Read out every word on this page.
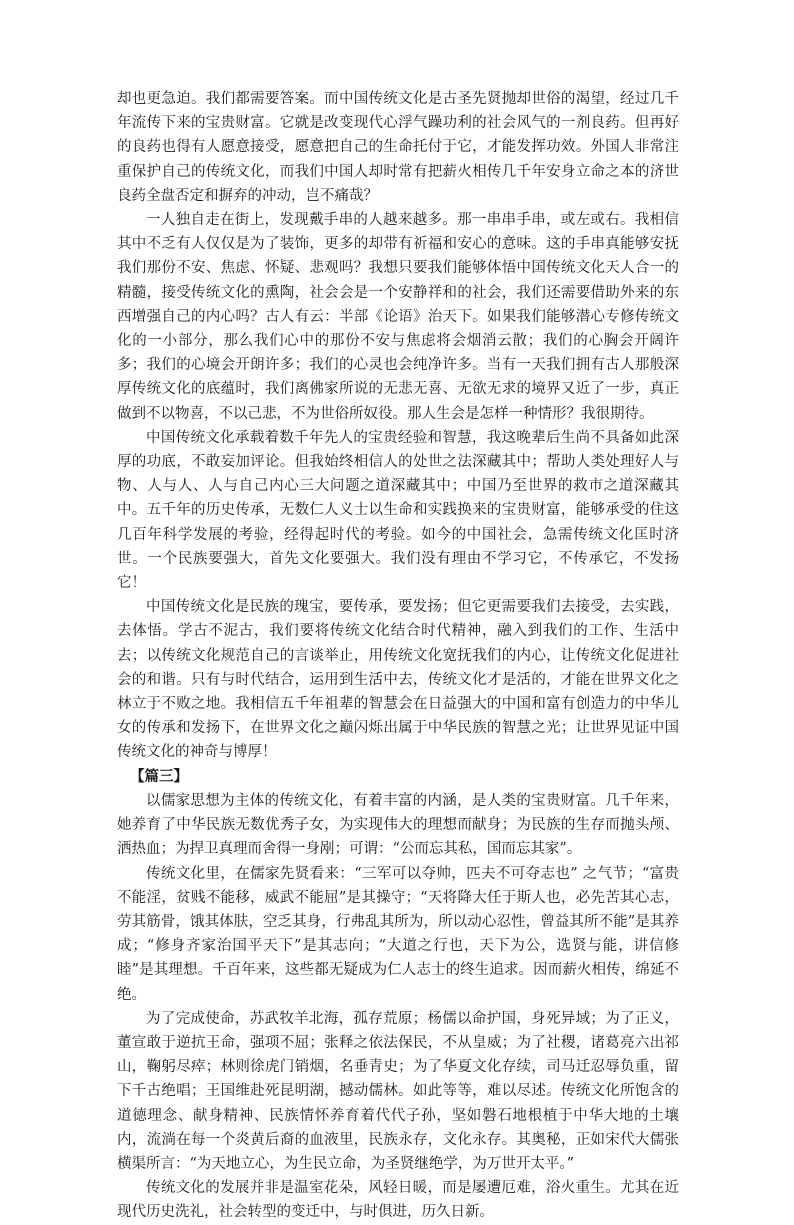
却也更急迫。我们都需要答案。而中国传统文化是古圣先贤抛却世俗的渴望，经过几千年流传下来的宝贵财富。它就是改变现代心浮气躁功利的社会风气的一剂良药。但再好的良药也得有人愿意接受，愿意把自己的生命托付于它，才能发挥功效。外国人非常注重保护自己的传统文化，而我们中国人却时常有把薪火相传几千年安身立命之本的济世良药全盘否定和摒弃的冲动，岂不痛哉？

一人独自走在街上，发现戴手串的人越来越多。那一串串手串，或左或右。我相信其中不乏有人仅仅是为了装饰，更多的却带有祈福和安心的意味。这的手串真能够安抚我们那份不安、焦虑、怀疑、悲观吗？我想只要我们能够体悟中国传统文化天人合一的精髓，接受传统文化的熏陶，社会会是一个安静祥和的社会，我们还需要借助外来的东西增强自己的内心吗？古人有云：半部《论语》治天下。如果我们能够潜心专修传统文化的一小部分，那么我们心中的那份不安与焦虑将会烟消云散；我们的心胸会开阔许多；我们的心境会开朗许多；我们的心灵也会纯净许多。当有一天我们拥有古人那般深厚传统文化的底蕴时，我们离佛家所说的无悲无喜、无欲无求的境界又近了一步，真正做到不以物喜，不以己悲，不为世俗所奴役。那人生会是怎样一种情形？我很期待。

中国传统文化承载着数千年先人的宝贵经验和智慧，我这晚辈后生尚不具备如此深厚的功底，不敢妄加评论。但我始终相信人的处世之法深藏其中；帮助人类处理好人与物、人与人、人与自己内心三大问题之道深藏其中；中国乃至世界的救市之道深藏其中。五千年的历史传承，无数仁人义士以生命和实践换来的宝贵财富，能够承受的住这几百年科学发展的考验，经得起时代的考验。如今的中国社会，急需传统文化匡时济世。一个民族要强大，首先文化要强大。我们没有理由不学习它，不传承它，不发扬它！

中国传统文化是民族的瑰宝，要传承，要发扬；但它更需要我们去接受，去实践，去体悟。学古不泥古，我们要将传统文化结合时代精神，融入到我们的工作、生活中去；以传统文化规范自己的言谈举止，用传统文化宽抚我们的内心，让传统文化促进社会的和谐。只有与时代结合，运用到生活中去，传统文化才是活的，才能在世界文化之林立于不败之地。我相信五千年祖辈的智慧会在日益强大的中国和富有创造力的中华儿女的传承和发扬下，在世界文化之巅闪烁出属于中华民族的智慧之光；让世界见证中国传统文化的神奇与博厚！

【篇三】

以儒家思想为主体的传统文化，有着丰富的内涵，是人类的宝贵财富。几千年来，她养育了中华民族无数优秀子女，为实现伟大的理想而献身；为民族的生存而抛头颅、洒热血；为捍卫真理而舍得一身剐；可谓：“公而忘其私，国而忘其家”。

传统文化里，在儒家先贤看来：“三军可以夺帅，匹夫不可夺志也” 之气节；“富贵不能淫，贫贱不能移，威武不能屈”是其操守；“天将降大任于斯人也，必先苦其心志，劳其筋骨，饿其体肤，空乏其身，行弗乱其所为，所以动心忍性，曾益其所不能”是其养成；“修身齐家治国平天下”是其志向；“大道之行也，天下为公，选贤与能，讲信修睦”是其理想。千百年来，这些都无疑成为仁人志士的终生追求。因而薪火相传，绵延不绝。

为了完成使命，苏武牧羊北海，孤存荒原；杨儒以命护国，身死异域；为了正义，董宣敢于逆抗王命，强项不屈；张释之依法保民，不从皇威；为了社稷，诸葛亮六出祁山，鞠躬尽瘁；林则徐虎门销烟，名垂青史；为了华夏文化存续，司马迁忍辱负重，留下千古绝唱；王国维赴死昆明湖，撼动儒林。如此等等，难以尽述。传统文化所饱含的道德理念、献身精神、民族情怀养育着代代子孙，坚如磐石地根植于中华大地的土壤内，流淌在每一个炎黄后裔的血液里，民族永存，文化永存。其奥秘，正如宋代大儒张横渠所言：“为天地立心，为生民立命，为圣贤继绝学，为万世开太平。”

传统文化的发展并非是温室花朵，风轻日暖，而是屡遭厄难，浴火重生。尤其在近现代历史洗礼，社会转型的变迁中，与时俱进，历久日新。
